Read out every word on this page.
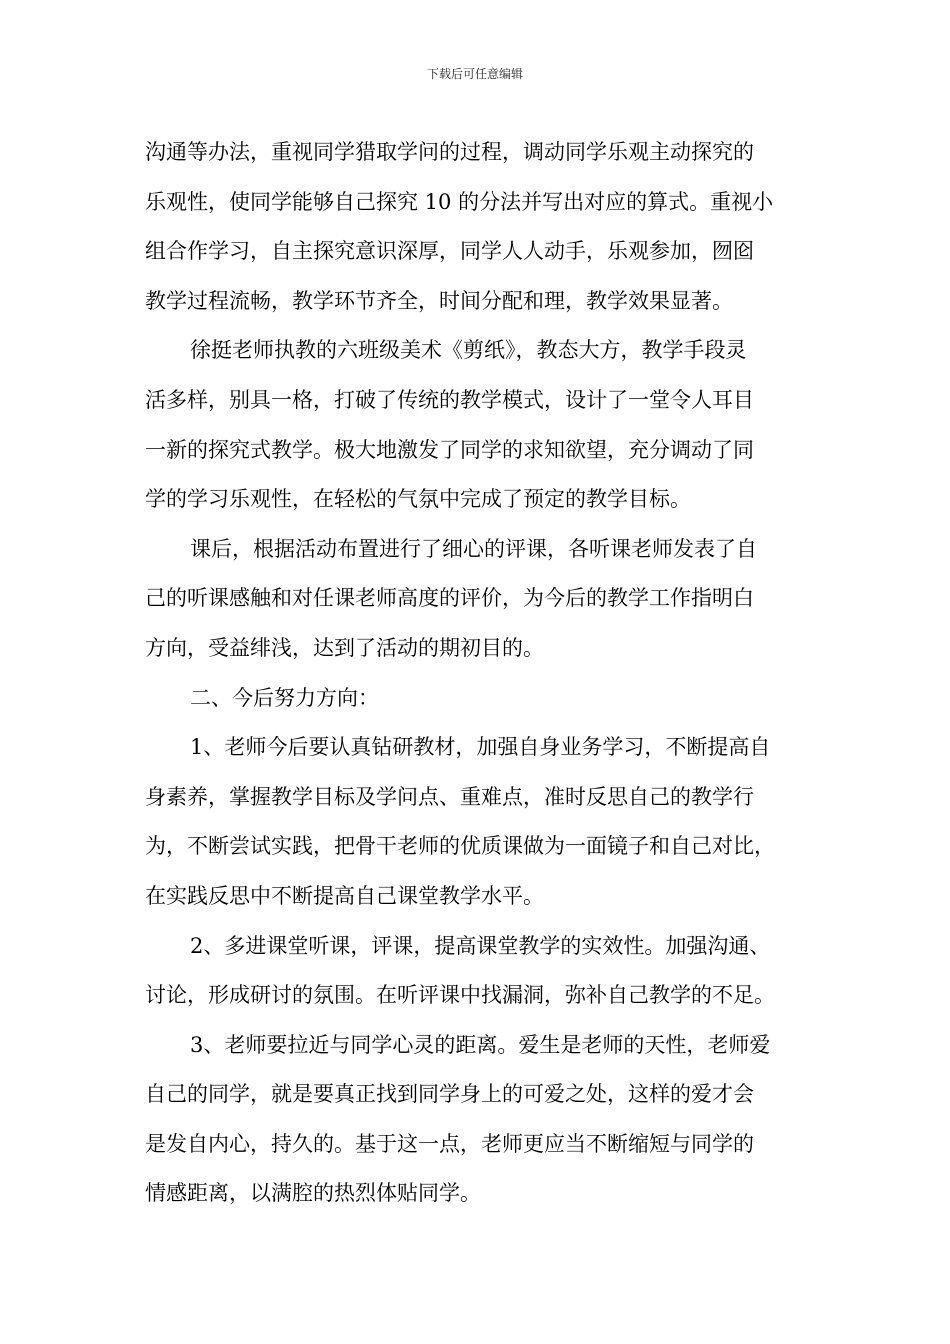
下载后可任意编辑
沟通等办法，重视同学猎取学问的过程，调动同学乐观主动探究的
乐观性，使同学能够自己探究 10 的分法并写出对应的算式。重视小
组合作学习，自主探究意识深厚，同学人人动手，乐观参加，囫囵
教学过程流畅，教学环节齐全，时间分配和理，教学效果显著。
徐挺老师执教的六班级美术《剪纸》，教态大方，教学手段灵
活多样，别具一格，打破了传统的教学模式，设计了一堂令人耳目
一新的探究式教学。极大地激发了同学的求知欲望，充分调动了同
学的学习乐观性，在轻松的气氛中完成了预定的教学目标。
课后，根据活动布置进行了细心的评课，各听课老师发表了自
己的听课感触和对任课老师高度的评价，为今后的教学工作指明白
方向，受益绯浅，达到了活动的期初目的。
二、今后努力方向：
1、老师今后要认真钻研教材，加强自身业务学习，不断提高自
身素养，掌握教学目标及学问点、重难点，准时反思自己的教学行
为，不断尝试实践，把骨干老师的优质课做为一面镜子和自己对比，
在实践反思中不断提高自己课堂教学水平。
2、多进课堂听课，评课，提高课堂教学的实效性。加强沟通、
讨论，形成研讨的氛围。在听评课中找漏洞，弥补自己教学的不足。
3、老师要拉近与同学心灵的距离。爱生是老师的天性，老师爱
自己的同学，就是要真正找到同学身上的可爱之处，这样的爱才会
是发自内心，持久的。基于这一点，老师更应当不断缩短与同学的
情感距离，以满腔的热烈体贴同学。
